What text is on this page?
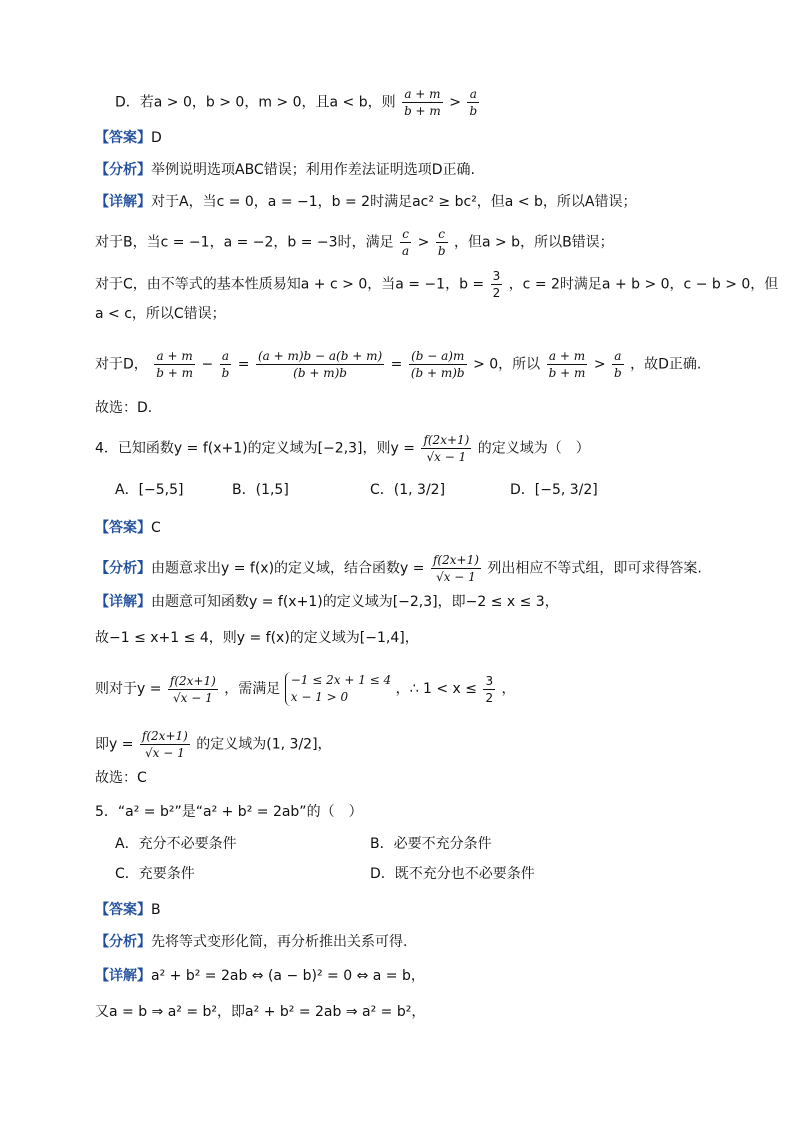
D．若a > 0，b > 0，m > 0，且a < b，则 $\frac{a + m}{b + m} > \frac{a}{b}$
【答案】D
【分析】举例说明选项ABC错误；利用作差法证明选项D正确.
【详解】对于A，当c = 0，a = −1，b = 2时满足ac² ≥ bc²，但a < b，所以A错误；
对于B，当c = −1，a = −2，b = −3时，满足 $\frac{c}{a} > \frac{c}{b}$ ，但a > b，所以B错误；
对于C，由不等式的基本性质易知a + c > 0，当a = −1，$b = \frac{3}{2}$ ，c = 2时满足a + b > 0，c − b > 0，但
a < c，所以C错误；
对于D， $\frac{a + m}{b + m} - \frac{a}{b} = \frac{(a + m)b - a(b + m)}{(b + m)b} = \frac{(b - a)m}{(b + m)b} > 0$，所以 $\frac{a + m}{b + m} > \frac{a}{b}$ ，故D正确.
故选：D.
4．已知函数y = f(x+1)的定义域为[−2,3]，则$y = \frac{f(2x+1)}{√x - 1}$ 的定义域为（　）
A．[−5,5]	B．(1,5]	C．(1, 3/2]	D．[−5, 3/2]
【答案】C
【分析】由题意求出y = f(x)的定义域，结合函数$y = \frac{f(2x+1)}{√x - 1}$ 列出相应不等式组，即可求得答案.
【详解】由题意可知函数y = f(x+1)的定义域为[−2,3]，即−2 ≤ x ≤ 3，
故−1 ≤ x+1 ≤ 4，则y = f(x)的定义域为[−1,4]，
则对于$y = \frac{f(2x+1)}{√x - 1}$ ，需满足 −1 ≤ 2x + 1 ≤ 4
x − 1 > 0	，∴ $1 < x \le \frac{3}{2}$ ，
即$y = \frac{f(2x+1)}{√x - 1}$ 的定义域为(1, 3/2]，
故选：C
5．“a² = b²”是“a² + b² = 2ab”的（　）
A．充分不必要条件	B．必要不充分条件
C．充要条件	D．既不充分也不必要条件
【答案】B
【分析】先将等式变形化简，再分析推出关系可得.
【详解】a² + b² = 2ab ⇔ (a − b)² = 0 ⇔ a = b，
又a = b ⇒ a² = b²，即a² + b² = 2ab ⇒ a² = b²，
